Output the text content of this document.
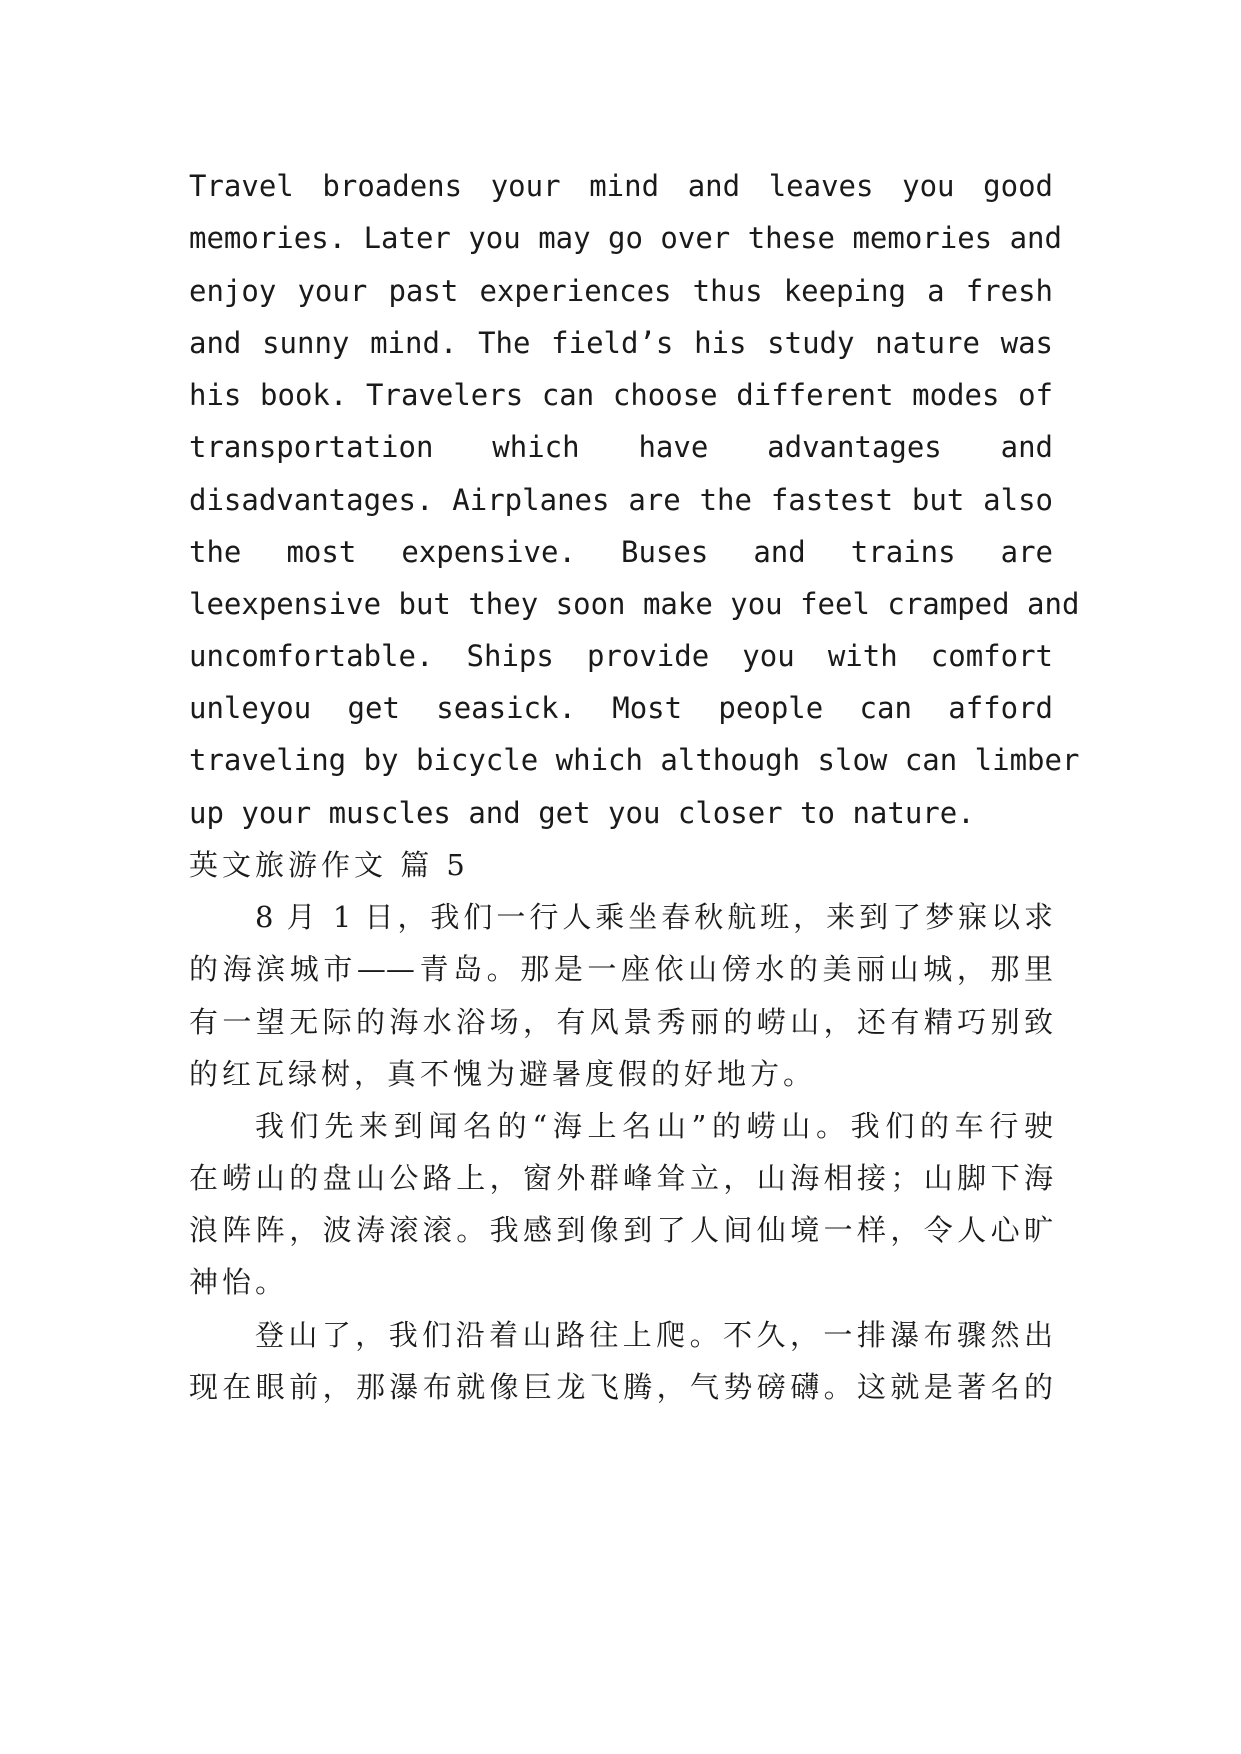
Travel broadens your mind and leaves you good
memories. Later you may go over these memories and
enjoy your past experiences thus keeping a fresh
and sunny mind. The field’s his study nature was
his book. Travelers can choose different modes of
transportation which have advantages and
disadvantages. Airplanes are the fastest but also
the most expensive. Buses and trains are
leexpensive but they soon make you feel cramped and
uncomfortable. Ships provide you with comfort
unleyou get seasick. Most people can afford
traveling by bicycle which although slow can limber
up your muscles and get you closer to nature.
英文旅游作文 篇 5
8 月 1 日，我们一行人乘坐春秋航班，来到了梦寐以求
的海滨城市——青岛。那是一座依山傍水的美丽山城，那里
有一望无际的海水浴场，有风景秀丽的崂山，还有精巧别致
的红瓦绿树，真不愧为避暑度假的好地方。
我们先来到闻名的“海上名山”的崂山。我们的车行驶
在崂山的盘山公路上，窗外群峰耸立，山海相接；山脚下海
浪阵阵，波涛滚滚。我感到像到了人间仙境一样，令人心旷
神怡。
登山了，我们沿着山路往上爬。不久，一排瀑布骤然出
现在眼前，那瀑布就像巨龙飞腾，气势磅礴。这就是著名的
